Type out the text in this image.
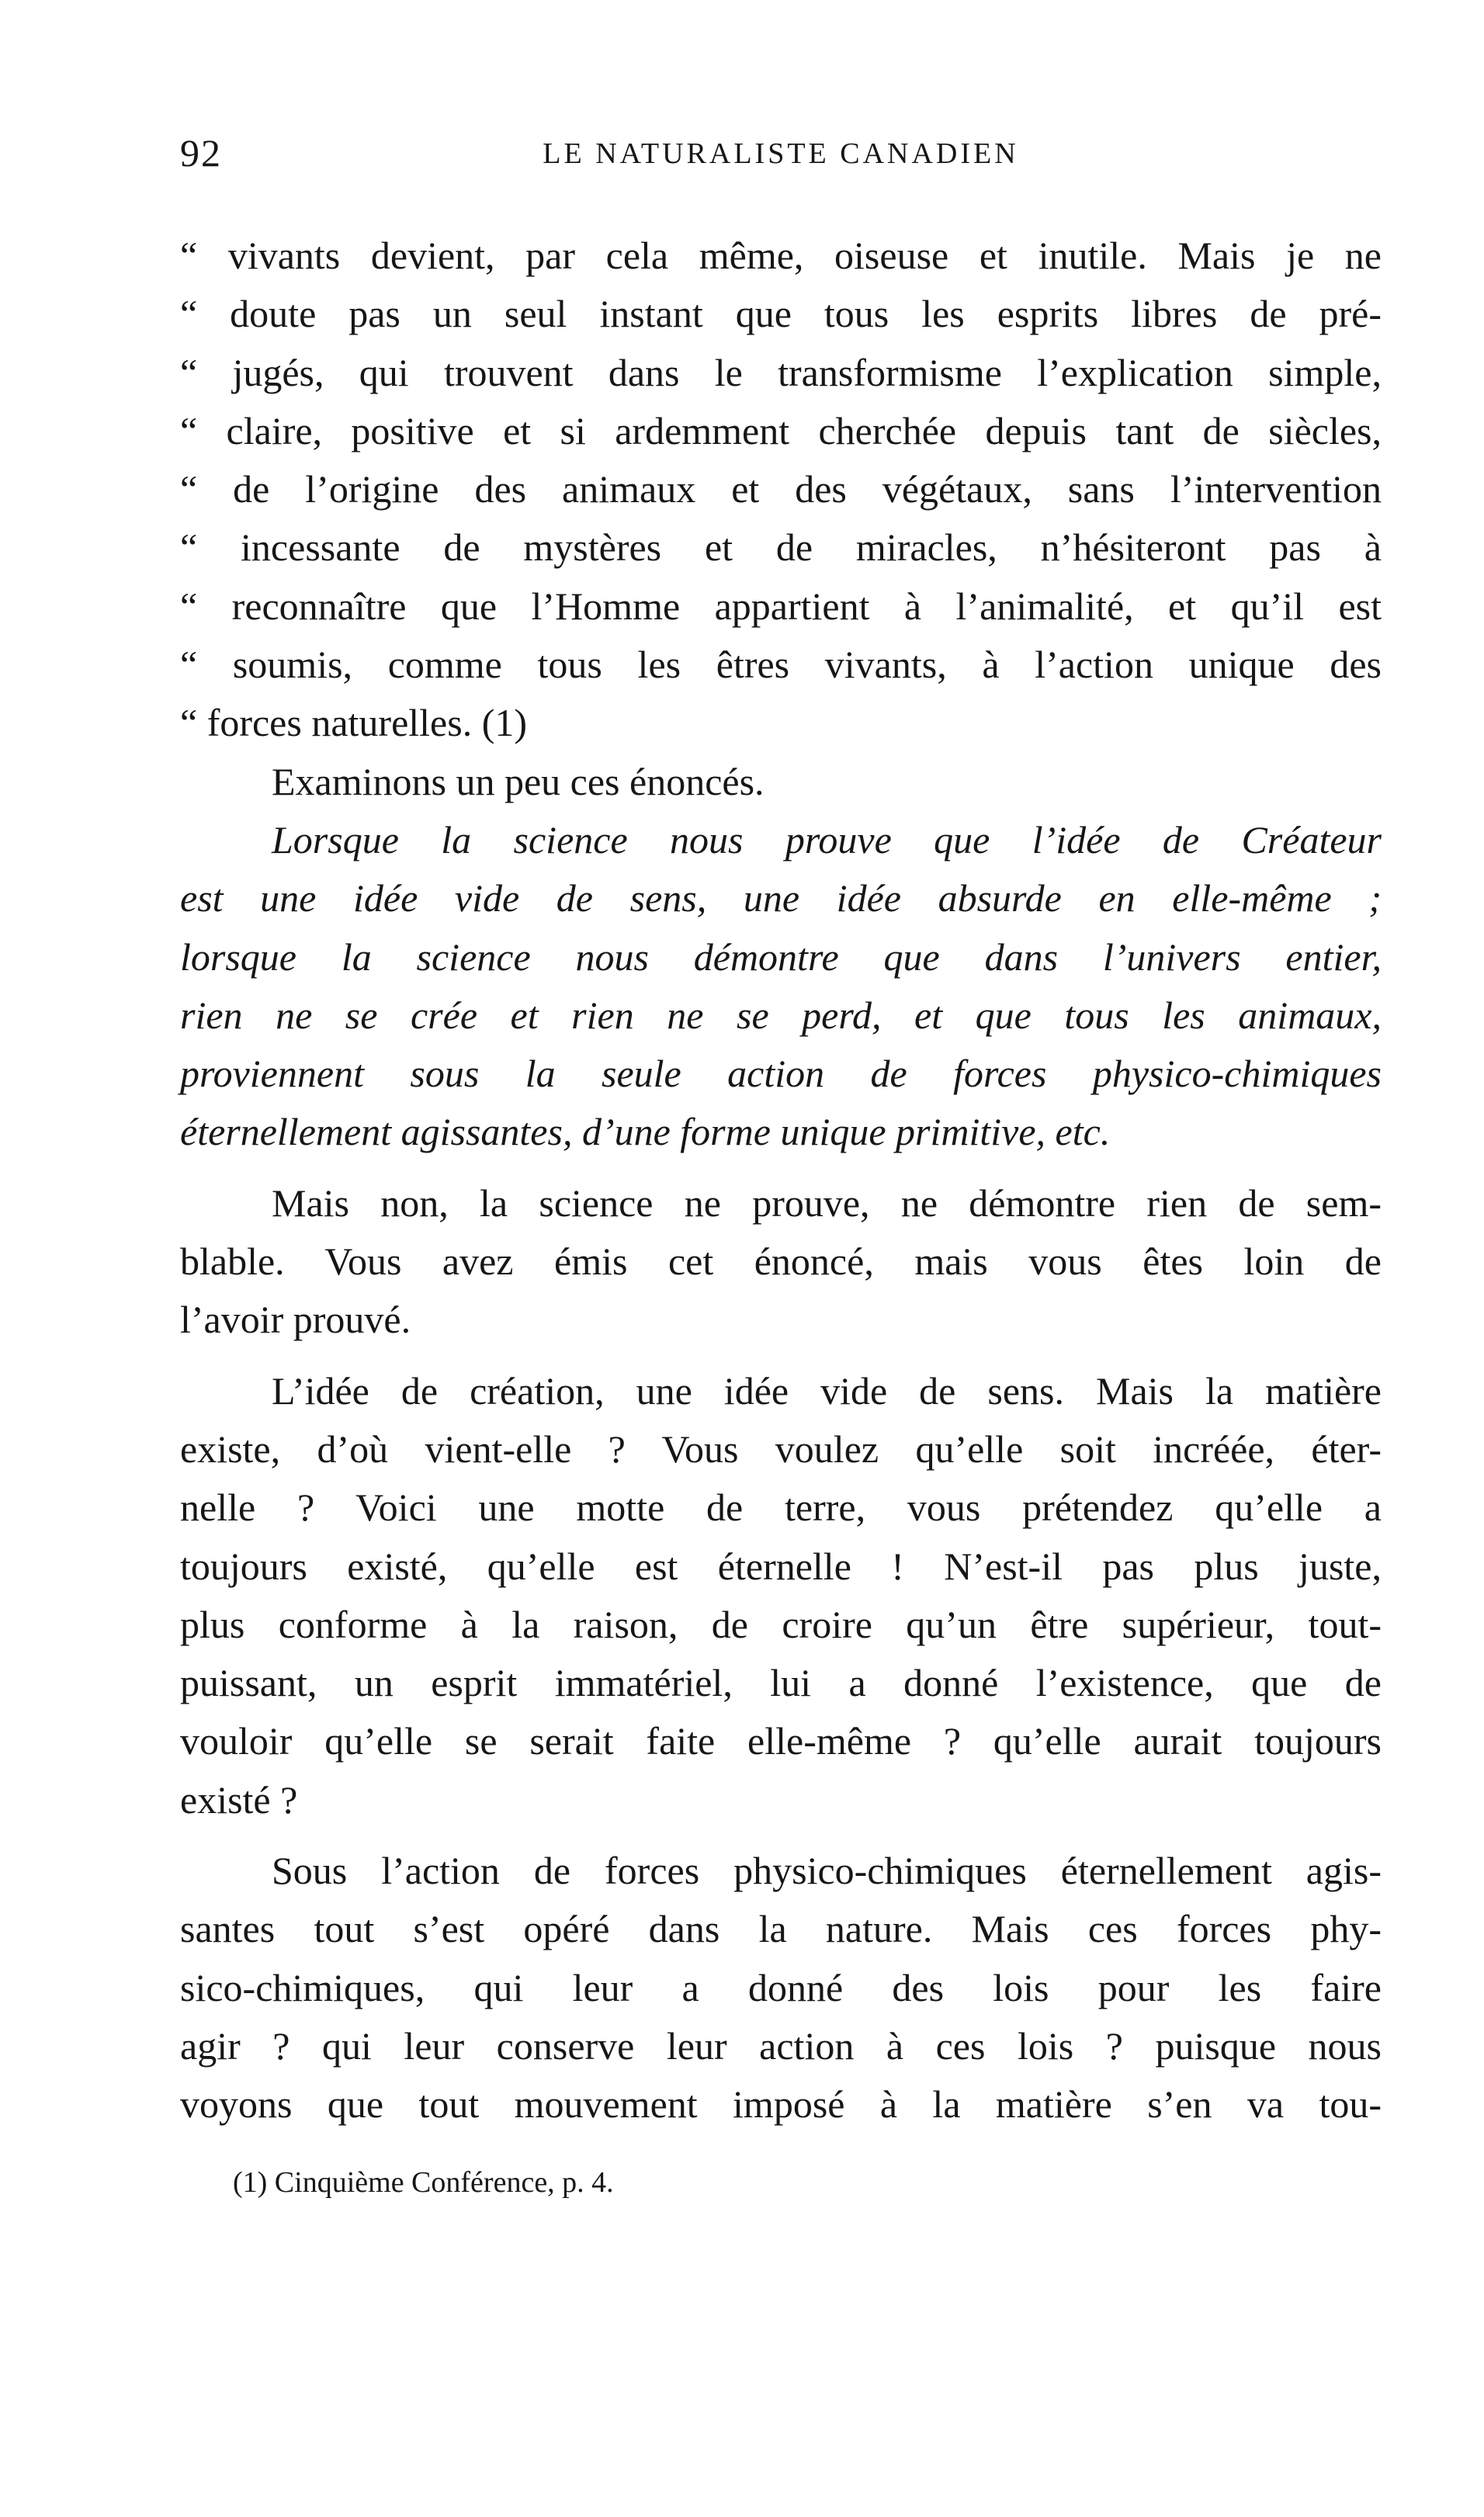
92	LE NATURALISTE CANADIEN
“ vivants devient, par cela même, oiseuse et inutile. Mais je ne
“ doute pas un seul instant que tous les esprits libres de pré-
“ jugés, qui trouvent dans le transformisme l’explication simple,
“ claire, positive et si ardemment cherchée depuis tant de siècles,
“ de l’origine des animaux et des végétaux, sans l’intervention
“ incessante de mystères et de miracles, n’hésiteront pas à
“ reconnaître que l’Homme appartient à l’animalité, et qu’il est
“ soumis, comme tous les êtres vivants, à l’action unique des
“ forces naturelles. (1)
Examinons un peu ces énoncés.
Lorsque la science nous prouve que l’idée de Créateur
est une idée vide de sens, une idée absurde en elle-même ;
lorsque la science nous démontre que dans l’univers entier,
rien ne se crée et rien ne se perd, et que tous les animaux,
proviennent sous la seule action de forces physico-chimiques
éternellement agissantes, d’une forme unique primitive, etc.
Mais non, la science ne prouve, ne démontre rien de sem-
blable. Vous avez émis cet énoncé, mais vous êtes loin de
l’avoir prouvé.
L’idée de création, une idée vide de sens. Mais la matière
existe, d’où vient-elle ? Vous voulez qu’elle soit incréée, éter-
nelle ? Voici une motte de terre, vous prétendez qu’elle a
toujours existé, qu’elle est éternelle ! N’est-il pas plus juste,
plus conforme à la raison, de croire qu’un être supérieur, tout-
puissant, un esprit immatériel, lui a donné l’existence, que de
vouloir qu’elle se serait faite elle-même ? qu’elle aurait toujours
existé ?
Sous l’action de forces physico-chimiques éternellement agis-
santes tout s’est opéré dans la nature. Mais ces forces phy-
sico-chimiques, qui leur a donné des lois pour les faire
agir ? qui leur conserve leur action à ces lois ? puisque nous
voyons que tout mouvement imposé à la matière s’en va tou-
(1) Cinquième Conférence, p. 4.
